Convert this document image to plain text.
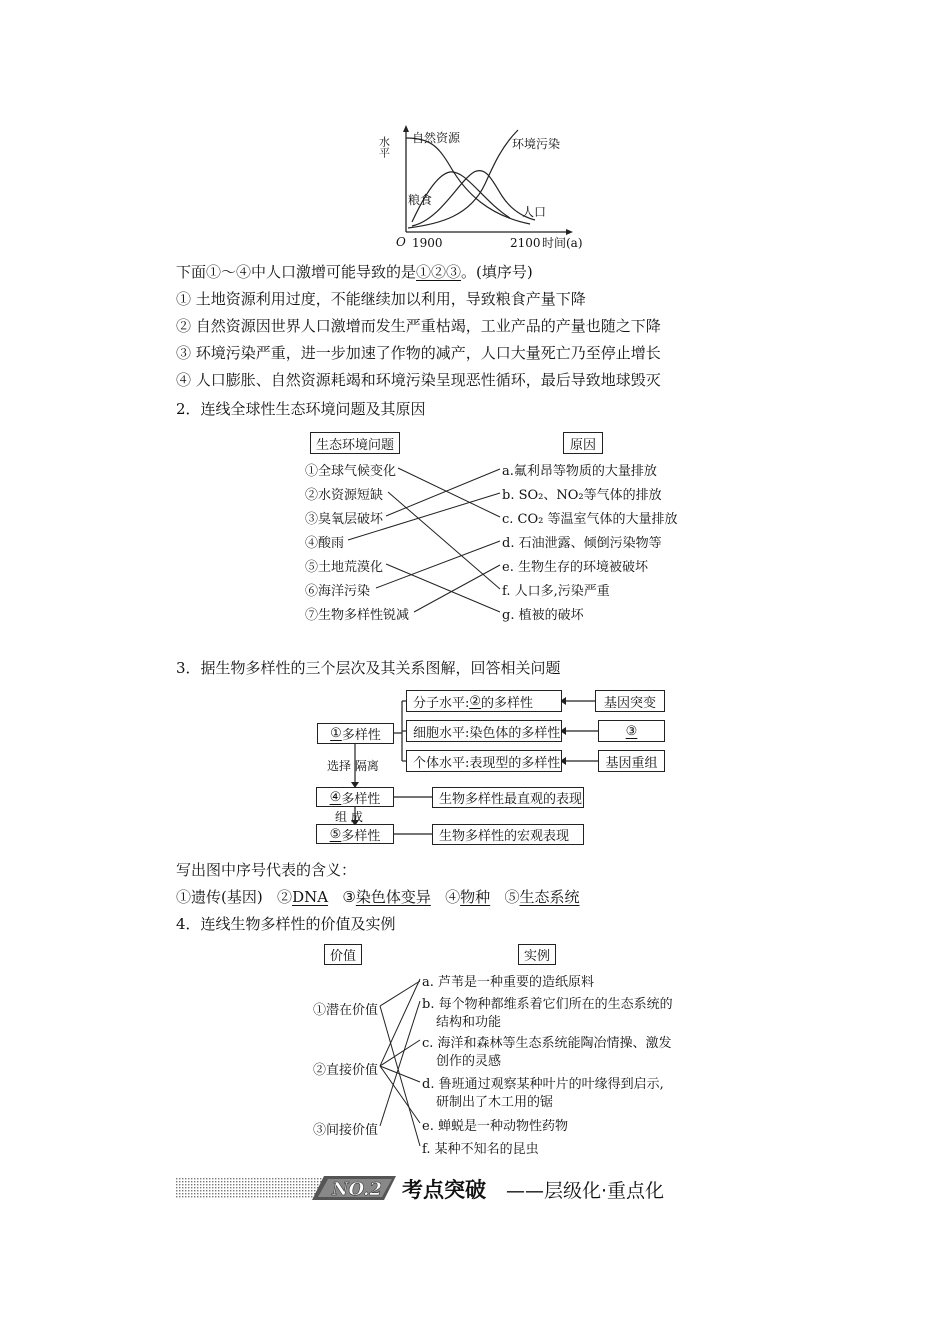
水平 自然资源	环境污染
粮食
人口
O 1900	2100 时间(a)
下面①～④中人口激增可能导致的是①②③。(填序号)
① 土地资源利用过度，不能继续加以利用，导致粮食产量下降
② 自然资源因世界人口激增而发生严重枯竭，工业产品的产量也随之下降
③ 环境污染严重，进一步加速了作物的减产，人口大量死亡乃至停止增长
④ 人口膨胀、自然资源耗竭和环境污染呈现恶性循环，最后导致地球毁灭
2．连线全球性生态环境问题及其原因
生态环境问题	原因
①全球气候变化
②水资源短缺
③臭氧层破坏
④酸雨
⑤土地荒漠化
⑥海洋污染
⑦生物多样性锐减
a.氟利昂等物质的大量排放
b. SO₂、NO₂等气体的排放
c. CO₂ 等温室气体的大量排放
d. 石油泄露、倾倒污染物等
e. 生物生存的环境被破坏
f. 人口多,污染严重
g. 植被的破坏
3．据生物多样性的三个层次及其关系图解，回答相关问题
① 多样性
分子水平: ② 的多样性
细胞水平:染色体的多样性
个体水平:表现型的多样性
基因突变
③
基因重组
选择 隔离
④ 多样性
组 成
⑤ 多样性
生物多样性最直观的表现
生物多样性的宏观表现
写出图中序号代表的含义：
①遗传(基因) ②DNA ③染色体变异 ④物种 ⑤生态系统
4．连线生物多样性的价值及实例
价值	实例
①潜在价值
②直接价值
③间接价值
a. 芦苇是一种重要的造纸原料
b. 每个物种都维系着它们所在的生态系统的
结构和功能
c. 海洋和森林等生态系统能陶冶情操、激发
创作的灵感
d. 鲁班通过观察某种叶片的叶缘得到启示,
研制出了木工用的锯
e. 蝉蜕是一种动物性药物
f. 某种不知名的昆虫
NO.2 考点突破 ——层级化·重点化
